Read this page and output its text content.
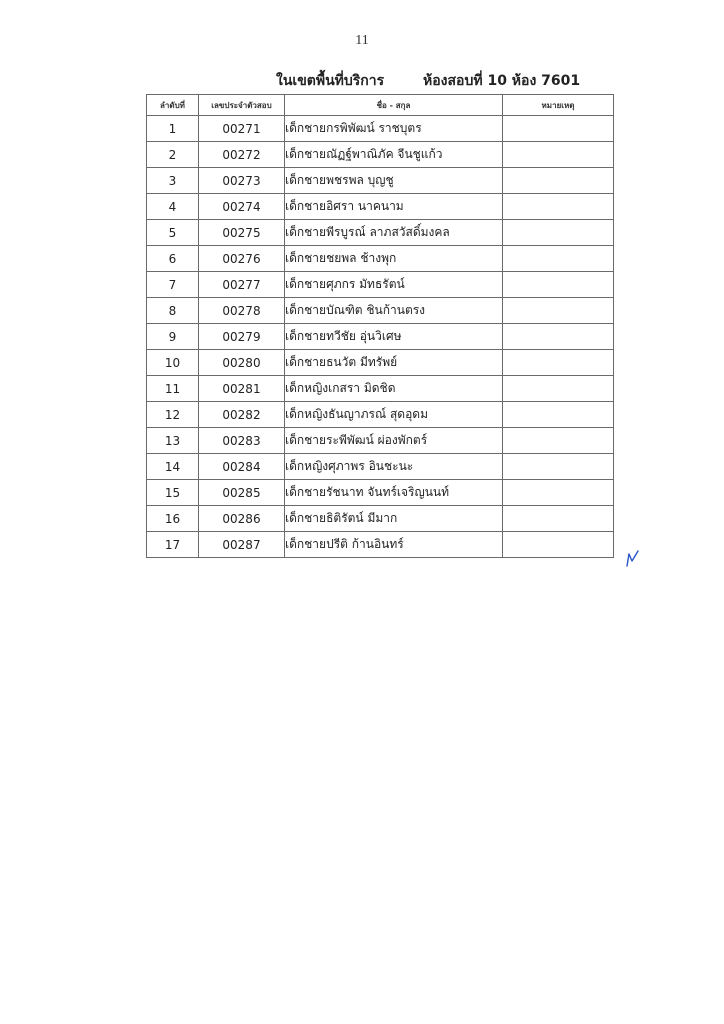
11
ในเขตพื้นที่บริการ	ห้องสอบที่ 10 ห้อง 7601
ลำดับที่	เลขประจำตัวสอบ	ชื่อ - สกุล	หมายเหตุ
1	00271	เด็กชายกรพิพัฒน์ ราชบุตร	
2	00272	เด็กชายณัฏฐ์พาณิภัค จีนชูแก้ว	
3	00273	เด็กชายพชรพล บุญชู	
4	00274	เด็กชายอิศรา นาคนาม	
5	00275	เด็กชายพีรบูรณ์ ลาภสวัสดิ์มงคล	
6	00276	เด็กชายชยพล ช้างพุก	
7	00277	เด็กชายศุภกร มัทธรัตน์	
8	00278	เด็กชายบัณฑิต ชินก้านตรง	
9	00279	เด็กชายทวีชัย อุ่นวิเศษ	
10	00280	เด็กชายธนวัต มีทรัพย์	
11	00281	เด็กหญิงเกสรา มิดชิด	
12	00282	เด็กหญิงธันญาภรณ์ สุดอุดม	
13	00283	เด็กชายระพีพัฒน์ ผ่องพักตร์	
14	00284	เด็กหญิงศุภาพร อินชะนะ	
15	00285	เด็กชายรัชนาท จันทร์เจริญนนท์	
16	00286	เด็กชายธิติรัตน์ มีมาก	
17	00287	เด็กชายปรีติ ก้านอินทร์	
